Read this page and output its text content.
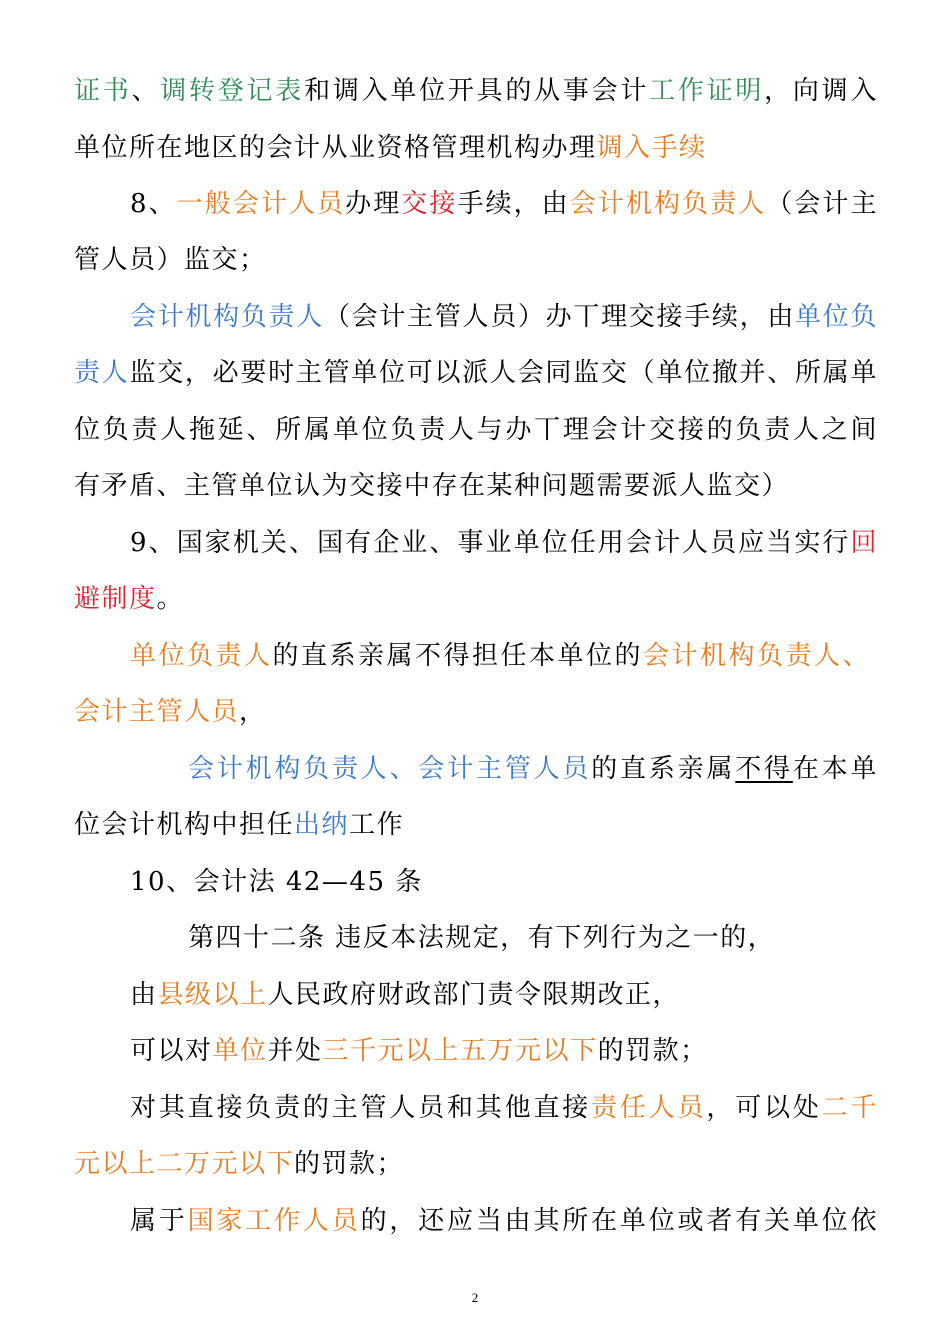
证书、调转登记表和调入单位开具的从事会计工作证明，向调入
单位所在地区的会计从业资格管理机构办理调入手续
8、一般会计人员办理交接手续，由会计机构负责人（会计主
管人员）监交；
会计机构负责人（会计主管人员）办丅理交接手续，由单位负
责人监交，必要时主管单位可以派人会同监交（单位撤并、所属单
位负责人拖延、所属单位负责人与办丅理会计交接的负责人之间
有矛盾、主管单位认为交接中存在某种问题需要派人监交）
9、国家机关、国有企业、事业单位任用会计人员应当实行回
避制度。
单位负责人的直系亲属不得担任本单位的会计机构负责人、
会计主管人员，
会计机构负责人、会计主管人员的直系亲属不得在本单
位会计机构中担任出纳工作
10、会计法 42—45 条
第四十二条 违反本法规定，有下列行为之一的，
由县级以上人民政府财政部门责令限期改正，
可以对单位并处三千元以上五万元以下的罚款；
对其直接负责的主管人员和其他直接责任人员，可以处二千
元以上二万元以下的罚款；
属于国家工作人员的，还应当由其所在单位或者有关单位依
2
